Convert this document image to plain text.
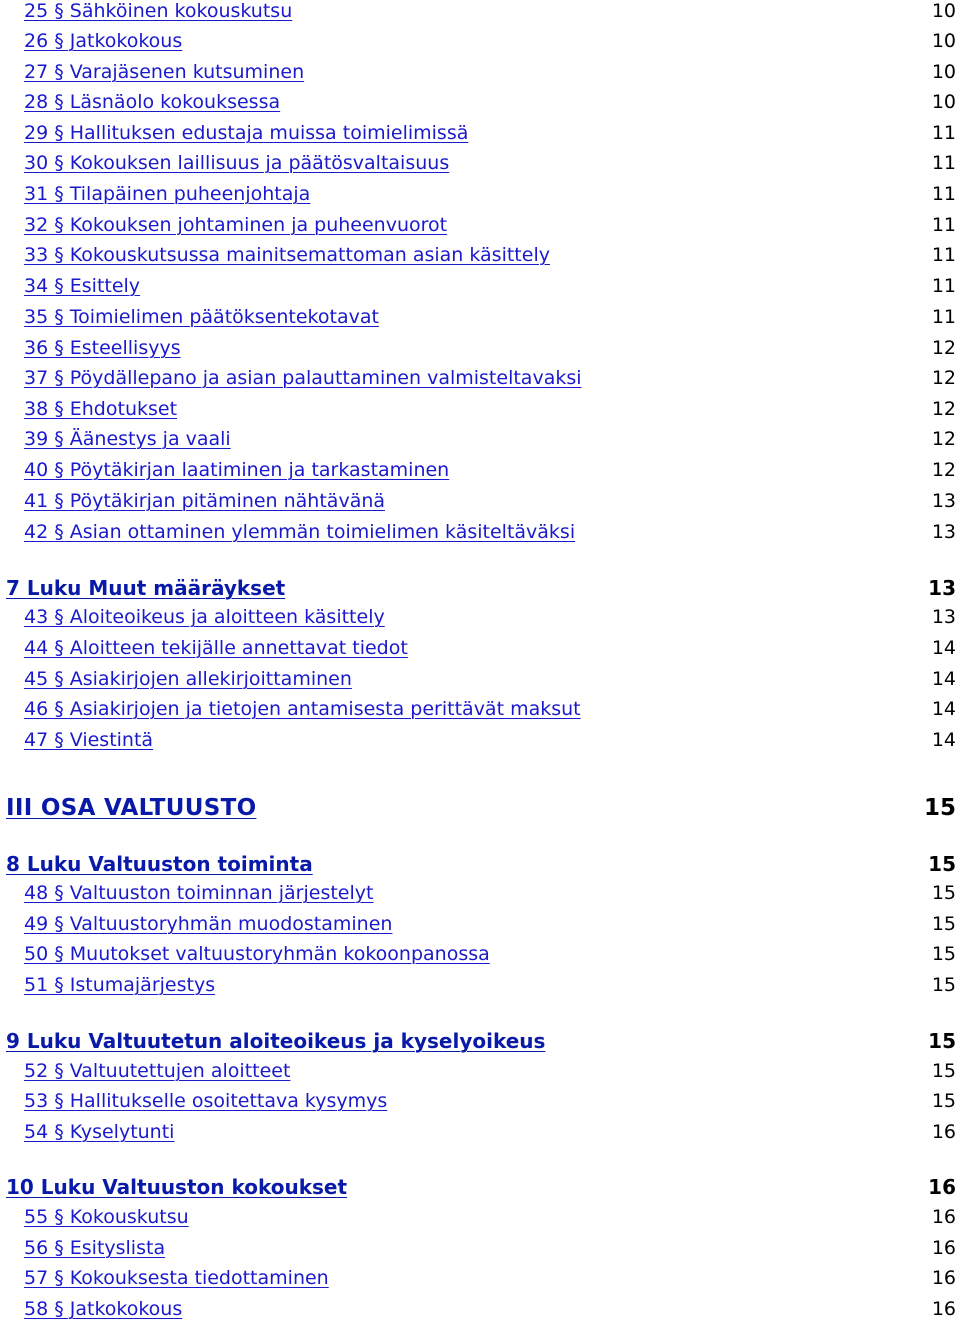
25 § Sähköinen kokouskutsu	10
26 § Jatkokokous	10
27 § Varajäsenen kutsuminen	10
28 § Läsnäolo kokouksessa	10
29 § Hallituksen edustaja muissa toimielimissä	11
30 § Kokouksen laillisuus ja päätösvaltaisuus	11
31 § Tilapäinen puheenjohtaja	11
32 § Kokouksen johtaminen ja puheenvuorot	11
33 § Kokouskutsussa mainitsemattoman asian käsittely	11
34 § Esittely	11
35 § Toimielimen päätöksentekotavat	11
36 § Esteellisyys	12
37 § Pöydällepano ja asian palauttaminen valmisteltavaksi	12
38 § Ehdotukset	12
39 § Äänestys ja vaali	12
40 § Pöytäkirjan laatiminen ja tarkastaminen	12
41 § Pöytäkirjan pitäminen nähtävänä	13
42 § Asian ottaminen ylemmän toimielimen käsiteltäväksi	13
7 Luku Muut määräykset	13
43 § Aloiteoikeus ja aloitteen käsittely	13
44 § Aloitteen tekijälle annettavat tiedot	14
45 § Asiakirjojen allekirjoittaminen	14
46 § Asiakirjojen ja tietojen antamisesta perittävät maksut	14
47 § Viestintä	14
III OSA VALTUUSTO	15
8 Luku Valtuuston toiminta	15
48 § Valtuuston toiminnan järjestelyt	15
49 § Valtuustoryhmän muodostaminen	15
50 § Muutokset valtuustoryhmän kokoonpanossa	15
51 § Istumajärjestys	15
9 Luku Valtuutetun aloiteoikeus ja kyselyoikeus	15
52 § Valtuutettujen aloitteet	15
53 § Hallitukselle osoitettava kysymys	15
54 § Kyselytunti	16
10 Luku Valtuuston kokoukset	16
55 § Kokouskutsu	16
56 § Esityslista	16
57 § Kokouksesta tiedottaminen	16
58 § Jatkokokous	16
